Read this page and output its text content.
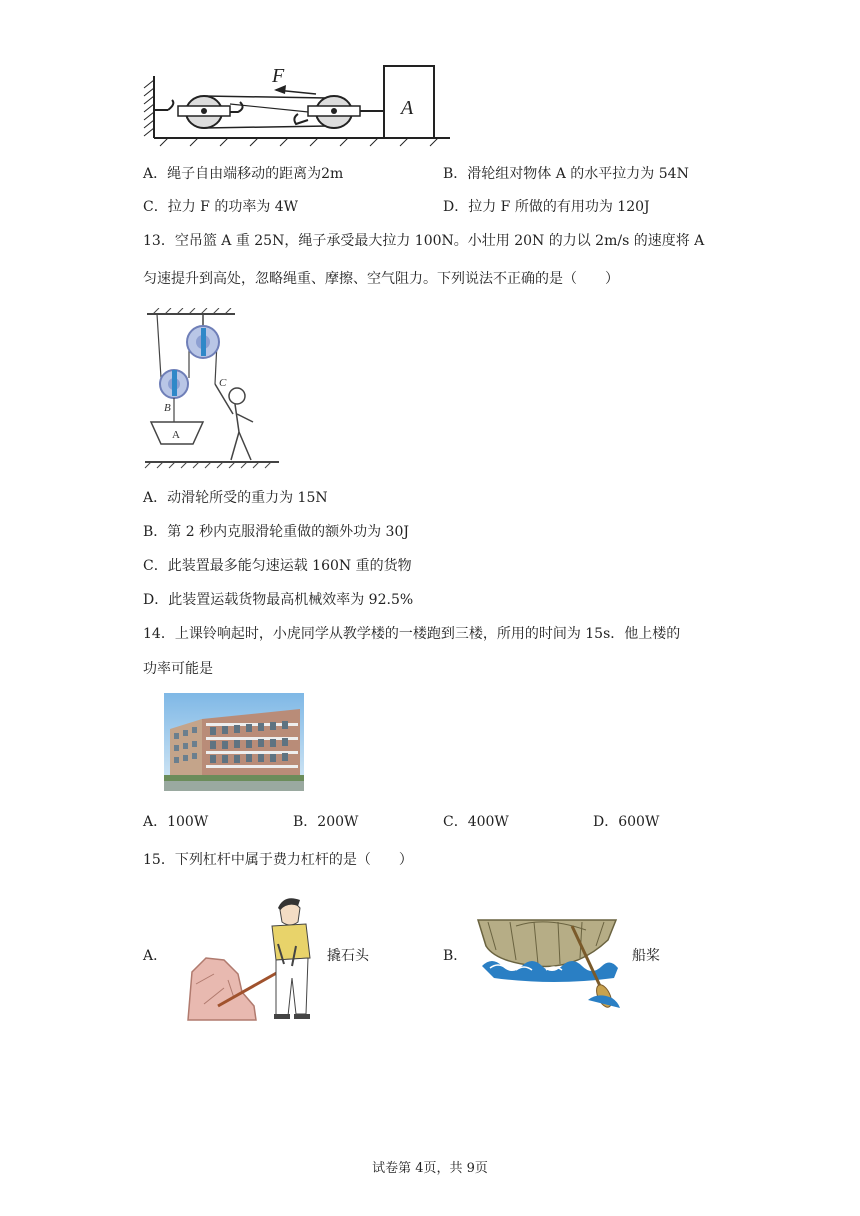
F
A
A．绳子自由端移动的距离为2m	B．滑轮组对物体 A 的水平拉力为 54N
C．拉力 F 的功率为 4W	D．拉力 F 所做的有用功为 120J
13．空吊篮 A 重 25N，绳子承受最大拉力 100N。小壮用 20N 的力以 2m/s 的速度将 A
匀速提升到高处，忽略绳重、摩擦、空气阻力。下列说法不正确的是（　　）
B
C
A
A．动滑轮所受的重力为 15N
B．第 2 秒内克服滑轮重做的额外功为 30J
C．此装置最多能匀速运载 160N 重的货物
D．此装置运载货物最高机械效率为 92.5%
14．上课铃响起时，小虎同学从教学楼的一楼跑到三楼，所用的时间为 15s．他上楼的
功率可能是
A．100W	B．200W	C．400W	D．600W
15．下列杠杆中属于费力杠杆的是（　　）
A．	撬石头	B．	船桨
试卷第 4页，共 9页
